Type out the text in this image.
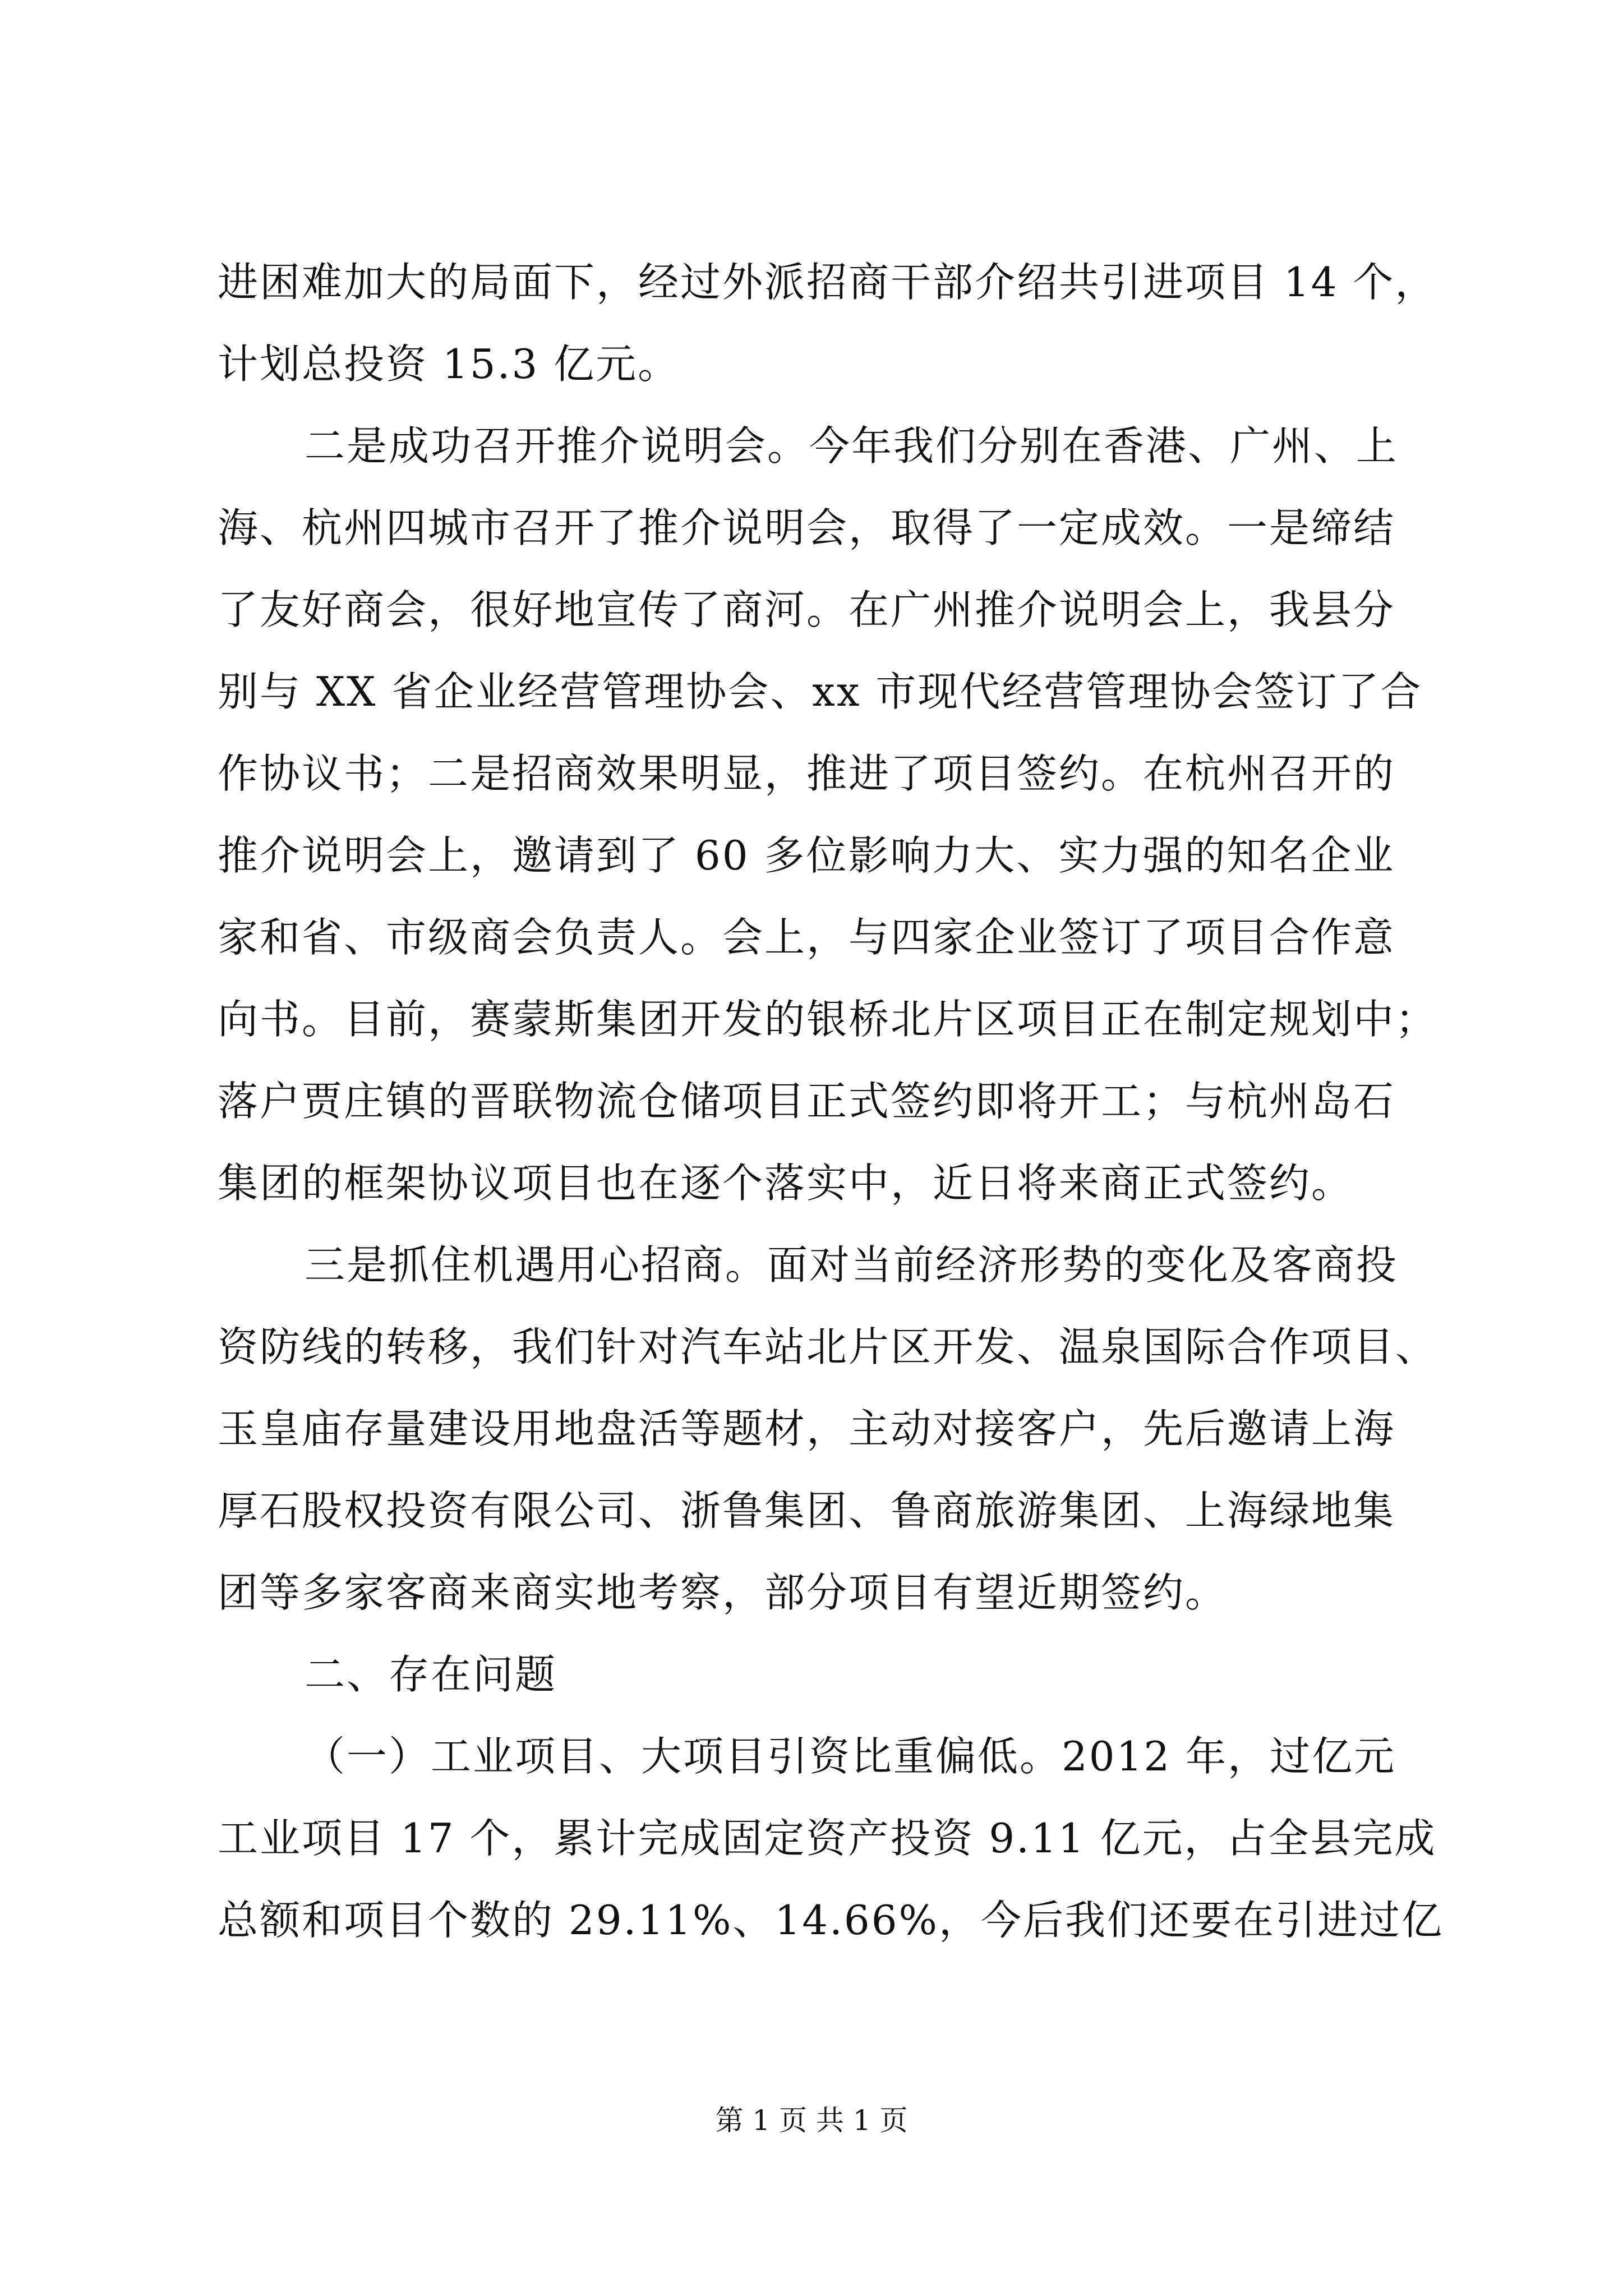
进困难加大的局面下，经过外派招商干部介绍共引进项目 14 个，
计划总投资 15.3 亿元。
二是成功召开推介说明会。今年我们分别在香港、广州、上
海、杭州四城市召开了推介说明会，取得了一定成效。一是缔结
了友好商会，很好地宣传了商河。在广州推介说明会上，我县分
别与 XX 省企业经营管理协会、xx 市现代经营管理协会签订了合
作协议书；二是招商效果明显，推进了项目签约。在杭州召开的
推介说明会上，邀请到了 60 多位影响力大、实力强的知名企业
家和省、市级商会负责人。会上，与四家企业签订了项目合作意
向书。目前，赛蒙斯集团开发的银桥北片区项目正在制定规划中；
落户贾庄镇的晋联物流仓储项目正式签约即将开工；与杭州岛石
集团的框架协议项目也在逐个落实中，近日将来商正式签约。
三是抓住机遇用心招商。面对当前经济形势的变化及客商投
资防线的转移，我们针对汽车站北片区开发、温泉国际合作项目、
玉皇庙存量建设用地盘活等题材，主动对接客户，先后邀请上海
厚石股权投资有限公司、浙鲁集团、鲁商旅游集团、上海绿地集
团等多家客商来商实地考察，部分项目有望近期签约。
二、存在问题
（一）工业项目、大项目引资比重偏低。2012 年，过亿元
工业项目 17 个，累计完成固定资产投资 9.11 亿元，占全县完成
总额和项目个数的 29.11%、14.66%，今后我们还要在引进过亿
第 1 页 共 1 页
